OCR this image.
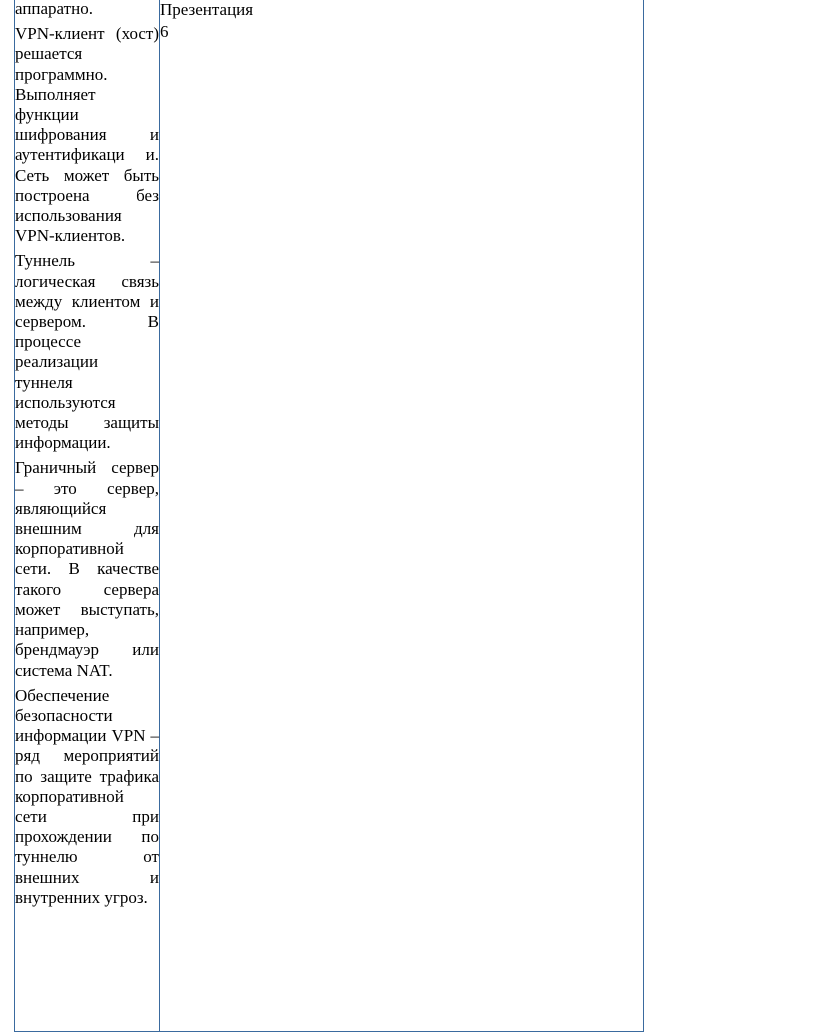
аппаратно.

VPN-клиент (хост) решается программно. Выполняет функции шифрования и аутентификаци и. Сеть может быть построена без использования VPN-клиентов.

Туннель – логическая связь между клиентом и сервером. В процессе реализации туннеля используются методы защиты информации.

Граничный сервер – это сервер, являющийся внешним для корпоративной сети. В качестве такого сервера может выступать, например, брендмауэр или система NAT.

Обеспечение безопасности информации VPN – ряд мероприятий по защите трафика корпоративной сети при прохождении по туннелю от внешних и внутренних угроз.

Презентация

6
